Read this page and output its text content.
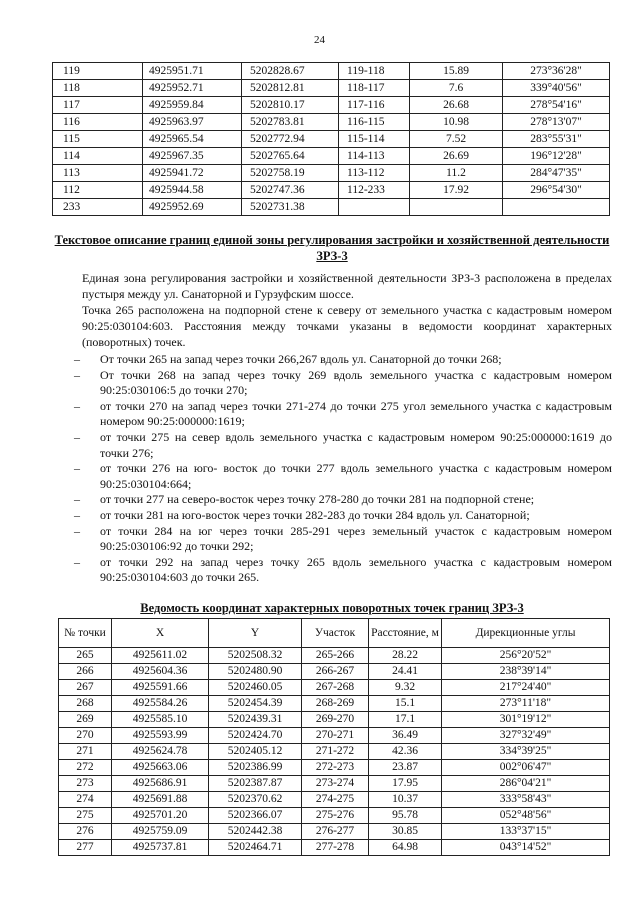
24
119	4925951.71	5202828.67	119-118	15.89	273°36'28"
118	4925952.71	5202812.81	118-117	7.6	339°40'56"
117	4925959.84	5202810.17	117-116	26.68	278°54'16"
116	4925963.97	5202783.81	116-115	10.98	278°13'07"
115	4925965.54	5202772.94	115-114	7.52	283°55'31"
114	4925967.35	5202765.64	114-113	26.69	196°12'28"
113	4925941.72	5202758.19	113-112	11.2	284°47'35"
112	4925944.58	5202747.36	112-233	17.92	296°54'30"
233	4925952.69	5202731.38			
Текстовое описание границ единой зоны регулирования застройки и хозяйственной деятельности ЗРЗ-3
Единая зона регулирования застройки и хозяйственной деятельности ЗРЗ-3 расположена в пределах пустыря между ул. Санаторной и Гурзуфским шоссе.
Точка 265 расположена на подпорной стене к северу от земельного участка с кадастровым номером 90:25:030104:603. Расстояния между точками указаны в ведомости координат характерных (поворотных) точек.
– От точки 265 на запад через точки 266,267 вдоль ул. Санаторной до точки 268;
– От точки 268 на запад через точку 269 вдоль земельного участка с кадастровым номером 90:25:030106:5 до точки 270;
– от точки 270 на запад через точки 271-274 до точки 275 угол земельного участка с кадастровым номером 90:25:000000:1619;
– от точки 275 на север вдоль земельного участка с кадастровым номером 90:25:000000:1619 до точки 276;
– от точки 276 на юго- восток до точки 277 вдоль земельного участка с кадастровым номером 90:25:030104:664;
– от точки 277 на северо-восток через точку 278-280 до точки 281 на подпорной стене;
– от точки 281 на юго-восток через точки 282-283 до точки 284 вдоль ул. Санаторной;
– от точки 284 на юг через точки 285-291 через земельный участок с кадастровым номером 90:25:030106:92 до точки 292;
– от точки 292 на запад через точку 265 вдоль земельного участка с кадастровым номером 90:25:030104:603 до точки 265.
Ведомость координат характерных поворотных точек границ ЗРЗ-3
№ точки	X	Y	Участок	Расстояние, м	Дирекционные углы
265	4925611.02	5202508.32	265-266	28.22	256°20'52"
266	4925604.36	5202480.90	266-267	24.41	238°39'14"
267	4925591.66	5202460.05	267-268	9.32	217°24'40"
268	4925584.26	5202454.39	268-269	15.1	273°11'18"
269	4925585.10	5202439.31	269-270	17.1	301°19'12"
270	4925593.99	5202424.70	270-271	36.49	327°32'49"
271	4925624.78	5202405.12	271-272	42.36	334°39'25"
272	4925663.06	5202386.99	272-273	23.87	002°06'47"
273	4925686.91	5202387.87	273-274	17.95	286°04'21"
274	4925691.88	5202370.62	274-275	10.37	333°58'43"
275	4925701.20	5202366.07	275-276	95.78	052°48'56"
276	4925759.09	5202442.38	276-277	30.85	133°37'15"
277	4925737.81	5202464.71	277-278	64.98	043°14'52"
